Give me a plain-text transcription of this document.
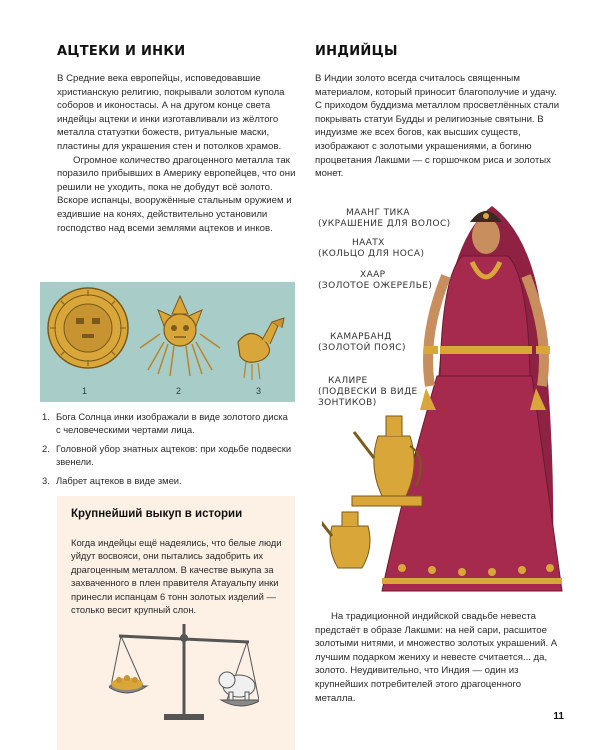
АЦТЕКИ И ИНКИ

В Средние века европейцы, исповедовавшие христианскую религию, покрывали золотом купола соборов и иконостасы. А на другом конце света индейцы ацтеки и инки изготавливали из жёлтого металла статуэтки божеств, ритуальные маски, пластины для украшения стен и потолков храмов.

Огромное количество драгоценного металла так поразило прибывших в Америку европейцев, что они решили не уходить, пока не добудут всё золото. Вскоре испанцы, вооружённые стальным оружием и ездившие на конях, действительно установили господство над всеми землями ацтеков и инков.

1	2	3
1. Бога Солнца инки изображали в виде золотого диска с человеческими чертами лица.
2. Головной убор знатных ацтеков: при ходьбе подвески звенели.
3. Лабрет ацтеков в виде змеи.
Крупнейший выкуп в истории

Когда индейцы ещё надеялись, что белые люди уйдут восвояси, они пытались задобрить их драгоценным металлом. В качестве выкупа за захваченного в плен правителя Атауальпу инки принесли испанцам 6 тонн золотых изделий — столько весит крупный слон.

ИНДИЙЦЫ

В Индии золото всегда считалось священным материалом, который приносит благополучие и удачу. С приходом буддизма металлом просветлённых стали покрывать статуи Будды и религиозные святыни. В индуизме же всех богов, как высших существ, изображают с золотыми украшениями, а богиню процветания Лакшми — с горшочком риса и золотых монет.

МААНГ ТИКА
(УКРАШЕНИЕ ДЛЯ ВОЛОС)
НААТХ
(КОЛЬЦО ДЛЯ НОСА)
ХААР
(ЗОЛОТОЕ ОЖЕРЕЛЬЕ)
КАМАРБАНД
(ЗОЛОТОЙ ПОЯС)
КАЛИРЕ
(ПОДВЕСКИ В ВИДЕ ЗОНТИКОВ)

На традиционной индийской свадьбе невеста предстаёт в образе Лакшми: на ней сари, расшитое золотыми нитями, и множество золотых украшений. А лучшим подарком жениху и невесте считается... да, золото. Неудивительно, что Индия — один из крупнейших потребителей этого драгоценного металла.

11
